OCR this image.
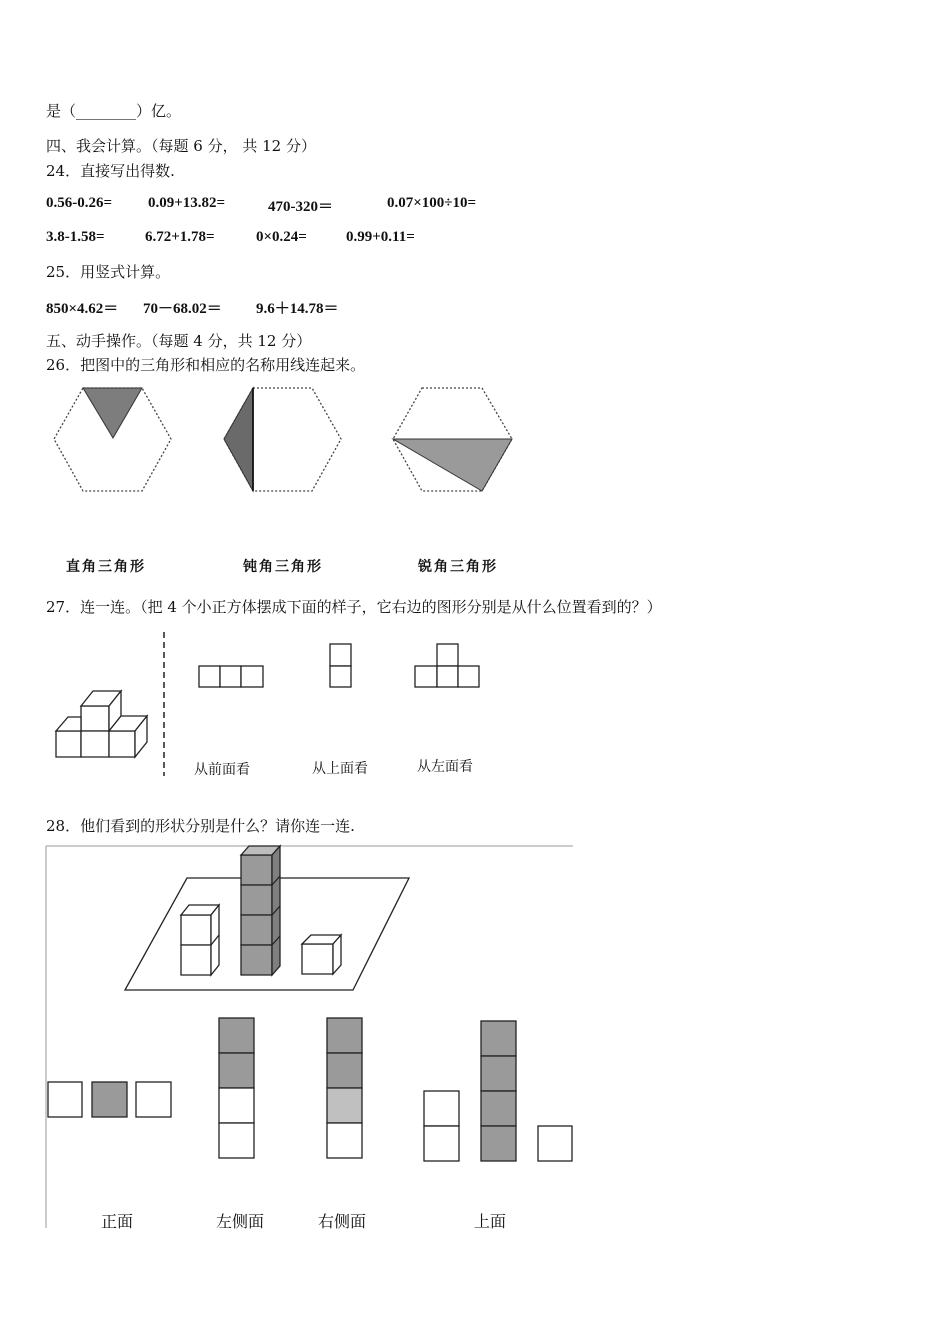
是（________）亿。
四、我会计算。（每题 6 分， 共 12 分）
24．直接写出得数.
0.56-0.26= 0.09+13.82=	470-320＝	0.07×100÷10=
3.8-1.58=	6.72+1.78=	0×0.24=	0.99+0.11=
25．用竖式计算。
850×4.62＝ 70－68.02＝ 9.6＋14.78＝
五、动手操作。（每题 4 分，共 12 分）
26．把图中的三角形和相应的名称用线连起来。
直角三角形	钝角三角形	锐角三角形
27．连一连。（把 4 个小正方体摆成下面的样子，它右边的图形分别是从什么位置看到的？）
从前面看	从上面看	从左面看
28．他们看到的形状分别是什么？请你连一连.
正面	左侧面	右侧面	上面
